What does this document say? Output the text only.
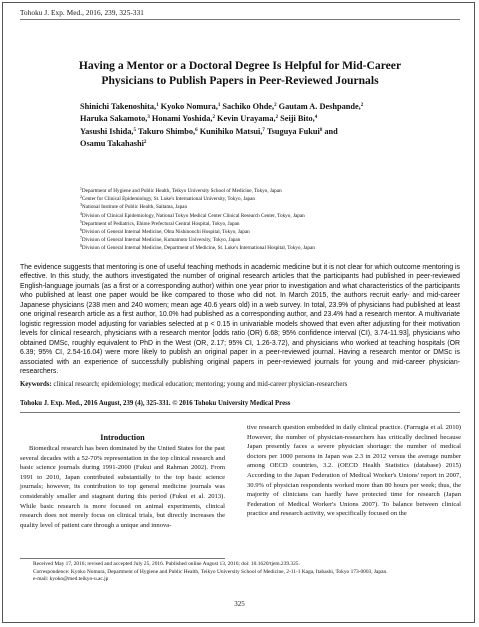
Tohoku J. Exp. Med., 2016, 239, 325-331
Having a Mentor or a Doctoral Degree Is Helpful for Mid-Career
Physicians to Publish Papers in Peer-Reviewed Journals
Shinichi Takenoshita,$^1$ Kyoko Nomura,$^1$ Sachiko Ohde,$^2$ Gautam A. Deshpande,$^2$
Haruka Sakamoto,$^3$ Honami Yoshida,$^2$ Kevin Urayama,$^2$ Seiji Bito,$^4$
Yasushi Ishida,$^5$ Takuro Shimbo,$^6$ Kunihiko Matsui,$^7$ Tsuguya Fukui$^8$ and
Osamu Takahashi$^2$
$^1$Department of Hygiene and Public Health, Teikyo University School of Medicine, Tokyo, Japan
$^2$Center for Clinical Epidemiology, St. Luke's International University, Tokyo, Japan
$^3$National Institute of Public Health, Saitama, Japan
$^4$Division of Clinical Epidemiology, National Tokyo Medical Center Clinical Research Center, Tokyo, Japan
$^5$Department of Pediatrics, Ehime Prefectural Central Hospital, Tokyo, Japan
$^6$Division of General Internal Medicine, Ohta Nishinouchi Hospital, Tokyo, Japan
$^7$Division of General Internal Medicine, Kumamoto University, Tokyo, Japan
$^8$Division of General Internal Medicine, Department of Medicine, St. Luke's International Hospital, Tokyo, Japan
The evidence suggests that mentoring is one of useful teaching methods in academic medicine but it is not clear for which outcome mentoring is effective. In this study, the authors investigated the number of original research articles that the participants had published in peer-reviewed English-language journals (as a first or a corresponding author) within one year prior to investigation and what characteristics of the participants who published at least one paper would be like compared to those who did not. In March 2015, the authors recruit early- and mid-career Japanese physicians (238 men and 240 women; mean age 40.6 years old) in a web survey. In total, 23.9% of physicians had published at least one original research article as a first author, 10.0% had published as a corresponding author, and 23.4% had a research mentor. A multivariate logistic regression model adjusting for variables selected at p < 0.15 in univariable models showed that even after adjusting for their motivation levels for clinical research, physicians with a research mentor [odds ratio (OR) 6.68; 95% confidence interval (CI), 3.74-11.93], physicians who obtained DMSc, roughly equivalent to PhD in the West (OR, 2.17; 95% CI, 1.26-3.72), and physicians who worked at teaching hospitals (OR 6.39; 95% CI, 2.54-16.04) were more likely to publish an original paper in a peer-reviewed journal. Having a research mentor or DMSc is associated with an experience of successfully publishing original papers in peer-reviewed journals for young and mid-career physician-researchers.
Keywords: clinical research; epidemiology; medical education; mentoring; young and mid-career physician-researchers
Tohoku J. Exp. Med., 2016 August, 239 (4), 325-331. © 2016 Tohoku University Medical Press
Introduction
Biomedical research has been dominated by the United States for the past several decades with a 52-70% representation in the top clinical research and basic science journals during 1991-2000 (Fukui and Rahman 2002). From 1991 to 2010, Japan contributed substantially to the top basic science journals; however, its contribution to top general medicine journals was considerably smaller and stagnant during this period (Fukui et al. 2013). While basic research is more focused on animal experiments, clinical research does not merely focus on clinical trials, but directly increases the quality level of patient care through a unique and innova-
tive research question embedded in daily clinical practice. (Farrugia et al. 2010) However, the number of physician-researchers has critically declined because Japan presently faces a severe physician shortage: the number of medical doctors per 1000 persons in Japan was 2.3 in 2012 versus the average number among OECD countries, 3.2. (OECD Health Statistics (database) 2015) According to the Japan Federation of Medical Worker's Unions' report in 2007, 30.9% of physician respondents worked more than 80 hours per week; thus, the majority of clinicians can hardly have protected time for research (Japan Federation of Medical Worker's Unions 2007). To balance between clinical practice and research activity, we specifically focused on the
Received May 17, 2016; revised and accepted July 25, 2016. Published online August 13, 2016; doi: 10.1620/tjem.239.325.
Correspondence: Kyoko Nomura, Department of Hygiene and Public Health, Teikyo University School of Medicine, 2-11-1 Kaga, Itabashi, Tokyo 173-0003, Japan.
e-mail: kyoko@med.teikyo-u.ac.jp
325
